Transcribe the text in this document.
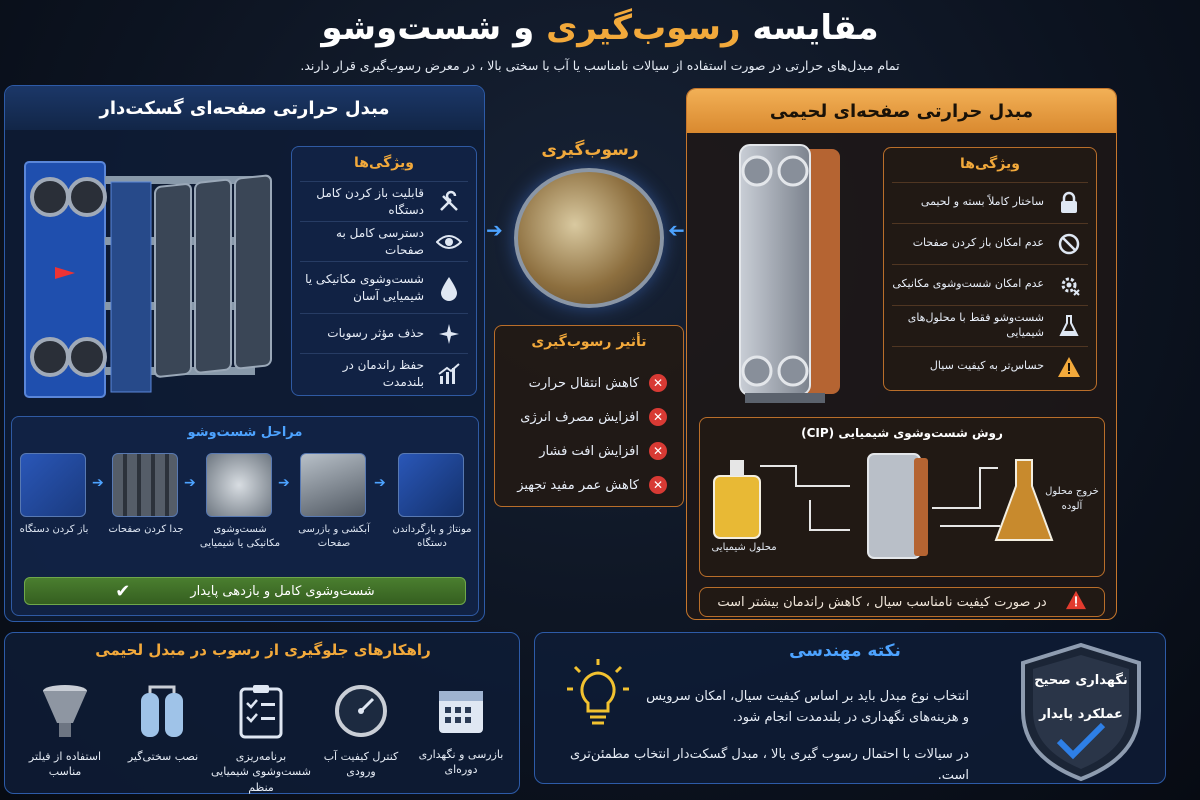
مقایسه رسوب‌گیری و شست‌وشو
تمام مبدل‌های حرارتی در صورت استفاده از سیالات نامناسب یا آب با سختی بالا ، در معرض رسوب‌گیری قرار دارند.
مبدل حرارتی صفحه‌ای گسکت‌دار
ویژگی‌ها
قابلیت باز کردن کامل دستگاه
دسترسی کامل به صفحات
شست‌وشوی مکانیکی یا شیمیایی آسان
حذف مؤثر رسوبات
حفظ راندمان در بلندمدت
مراحل شست‌وشو
➔	➔	➔	➔
باز کردن دستگاه	جدا کردن صفحات	شست‌وشوی مکانیکی یا شیمیایی
آبکشی و بازرسی صفحات
مونتاژ و بازگرداندن دستگاه
شست‌وشوی کامل و بازدهی پایدار
✔
رسوب‌گیری
➔	➔
تأثیر رسوب‌گیری
✕
کاهش انتقال حرارت
✕
افزایش مصرف انرژی
✕
افزایش افت فشار
✕
کاهش عمر مفید تجهیز
مبدل حرارتی صفحه‌ای لحیمی
ویژگی‌ها
ساختار کاملاً بسته و لحیمی
عدم امکان باز کردن صفحات
عدم امکان شست‌وشوی مکانیکی
شست‌وشو فقط با محلول‌های شیمیایی
حساس‌تر به کیفیت سیال
روش شست‌وشوی شیمیایی (CIP)
محلول شیمیایی
خروج محلول آلوده
در صورت کیفیت نامناسب سیال ، کاهش راندمان بیشتر است
راهکارهای جلوگیری از رسوب در مبدل لحیمی
استفاده از فیلتر مناسب
نصب سختی‌گیر	برنامه‌ریزی شست‌وشوی شیمیایی منظم
کنترل کیفیت آب ورودی
بازرسی و نگهداری دوره‌ای
نکته مهندسی
انتخاب نوع مبدل باید بر اساس کیفیت سیال، امکان سرویس و هزینه‌های نگهداری در بلندمدت انجام شود.
در سیالات با احتمال رسوب گیری بالا ، مبدل گسکت‌دار انتخاب مطمئن‌تری است.
نگهداری صحیح
عملکرد پایدار
